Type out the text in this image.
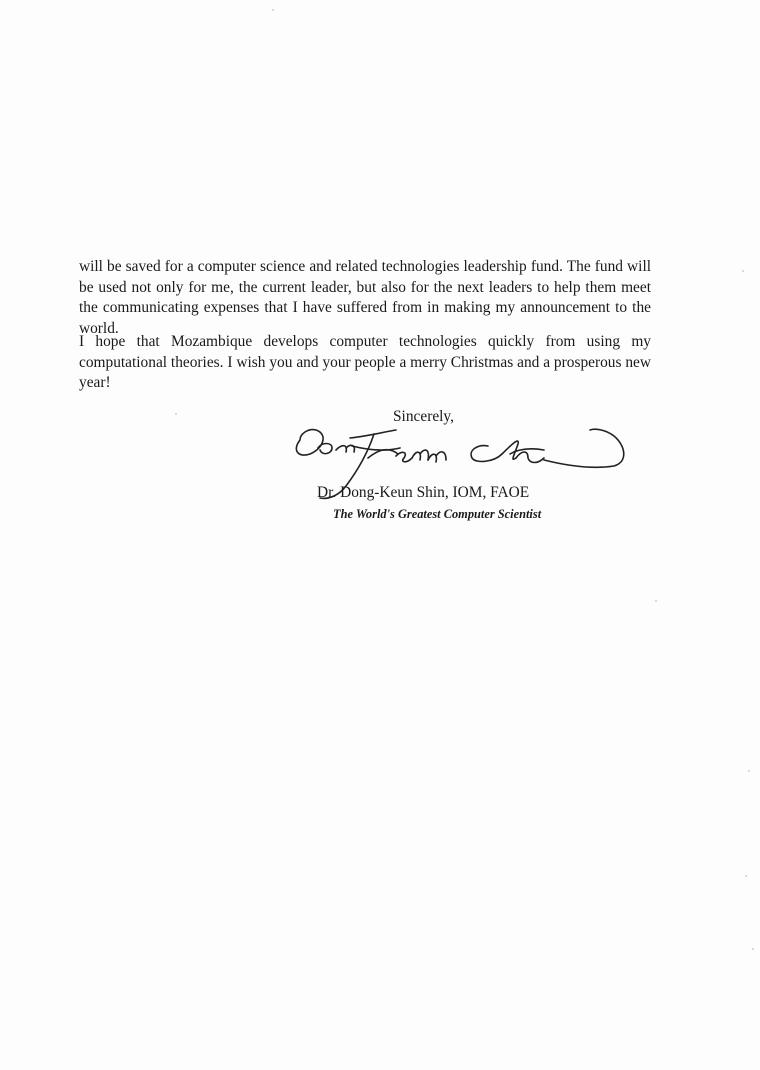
will be saved for a computer science and related technologies leadership fund. The fund will be used not only for me, the current leader, but also for the next leaders to help them meet the communicating expenses that I have suffered from in making my announcement to the world.

I hope that Mozambique develops computer technologies quickly from using my computational theories. I wish you and your people a merry Christmas and a prosperous new year!

Sincerely,

Dr. Dong-Keun Shin, IOM, FAOE

The World's Greatest Computer Scientist
